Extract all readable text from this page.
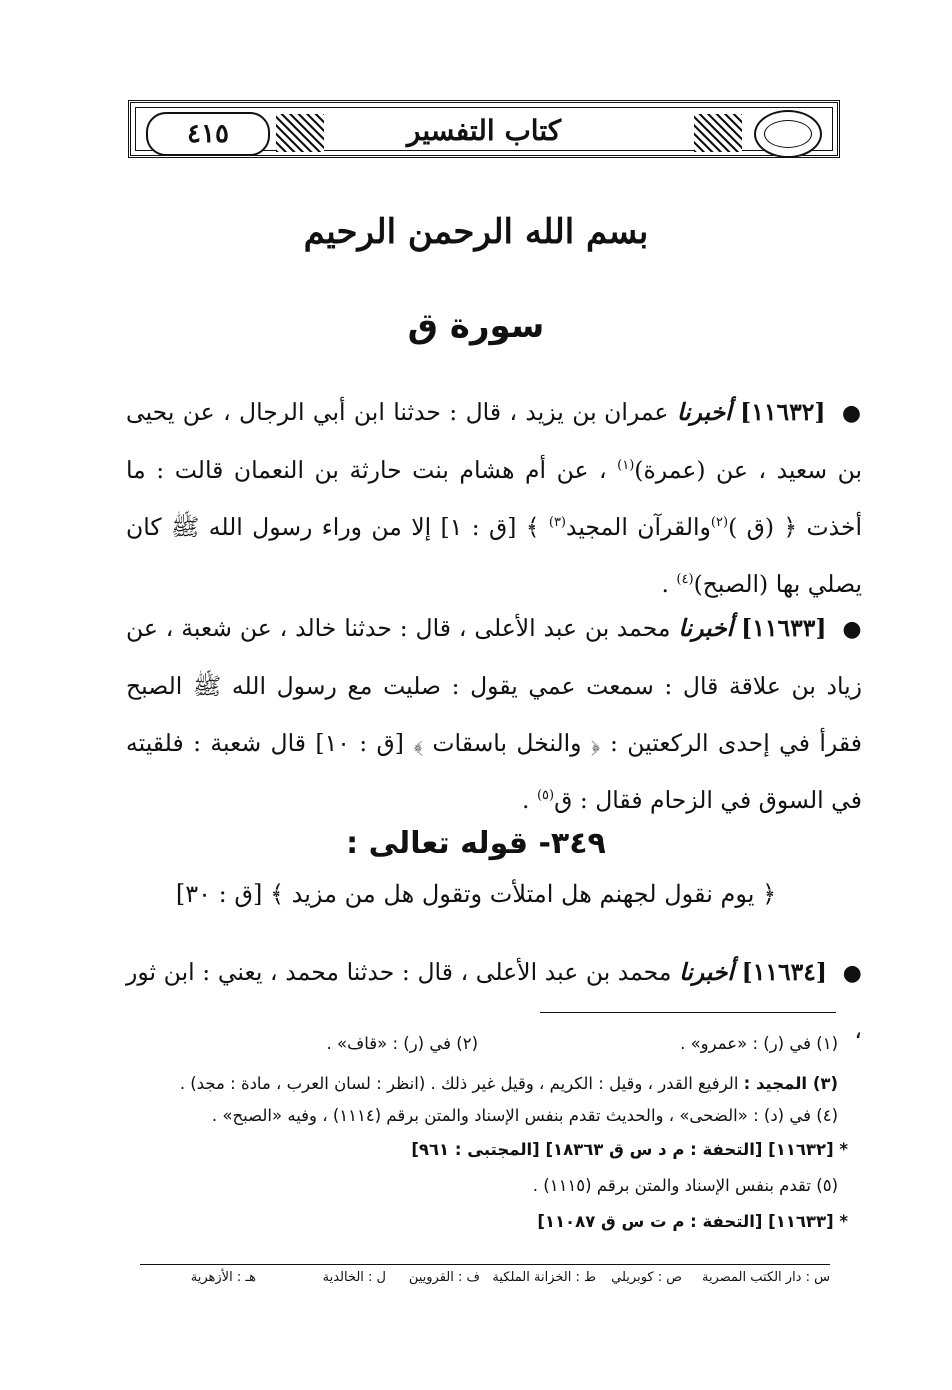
٤١٥	كتاب التفسير
بسم الله الرحمن الرحيم
سورة ق
● [١١٦٣٢] أخبرنا عمران بن يزيد ، قال : حدثنا ابن أبي الرجال ، عن يحيى بن سعيد ، عن (عمرة)$^{(١)}$ ، عن أم هشام بنت حارثة بن النعمان قالت : ما أخذت ﴿ (ق )$^{(٢)}$والقرآن المجيد$^{(٣)}$ ﴾ [ق : ١] إلا من وراء رسول الله ﷺ كان يصلي بها (الصبح)$^{(٤)}$ .
● [١١٦٣٣] أخبرنا محمد بن عبد الأعلى ، قال : حدثنا خالد ، عن شعبة ، عن زياد بن علاقة قال : سمعت عمي يقول : صليت مع رسول الله ﷺ الصبح فقرأ في إحدى الركعتين : ﴿ والنخل باسقات ﴾ [ق : ١٠] قال شعبة : فلقيته في السوق في الزحام فقال : ق$^{(٥)}$ .
٣٤٩- قوله تعالى :
﴿ يوم نقول لجهنم هل امتلأت وتقول هل من مزيد ﴾ [ق : ٣٠]
● [١١٦٣٤] أخبرنا محمد بن عبد الأعلى ، قال : حدثنا محمد ، يعني : ابن ثور ،
(١) في (ر) : «عمرو» .
(٢) في (ر) : «قاف» .
(٣) المجيد : الرفيع القدر ، وقيل : الكريم ، وقيل غير ذلك . (انظر : لسان العرب ، مادة : مجد) .
(٤) في (د) : «الضحى» ، والحديث تقدم بنفس الإسناد والمتن برقم (١١١٤) ، وفيه «الصبح» .
* [١١٦٣٢] [التحفة : م د س ق ١٨٣٦٣] [المجتبى : ٩٦١]
(٥) تقدم بنفس الإسناد والمتن برقم (١١١٥) .
* [١١٦٣٣] [التحفة : م ت س ق ١١٠٨٧]
س : دار الكتب المصرية
ص : كوبريلي
ط : الخزانة الملكية
ف : القرويين
ل : الخالدية
هـ : الأزهرية
